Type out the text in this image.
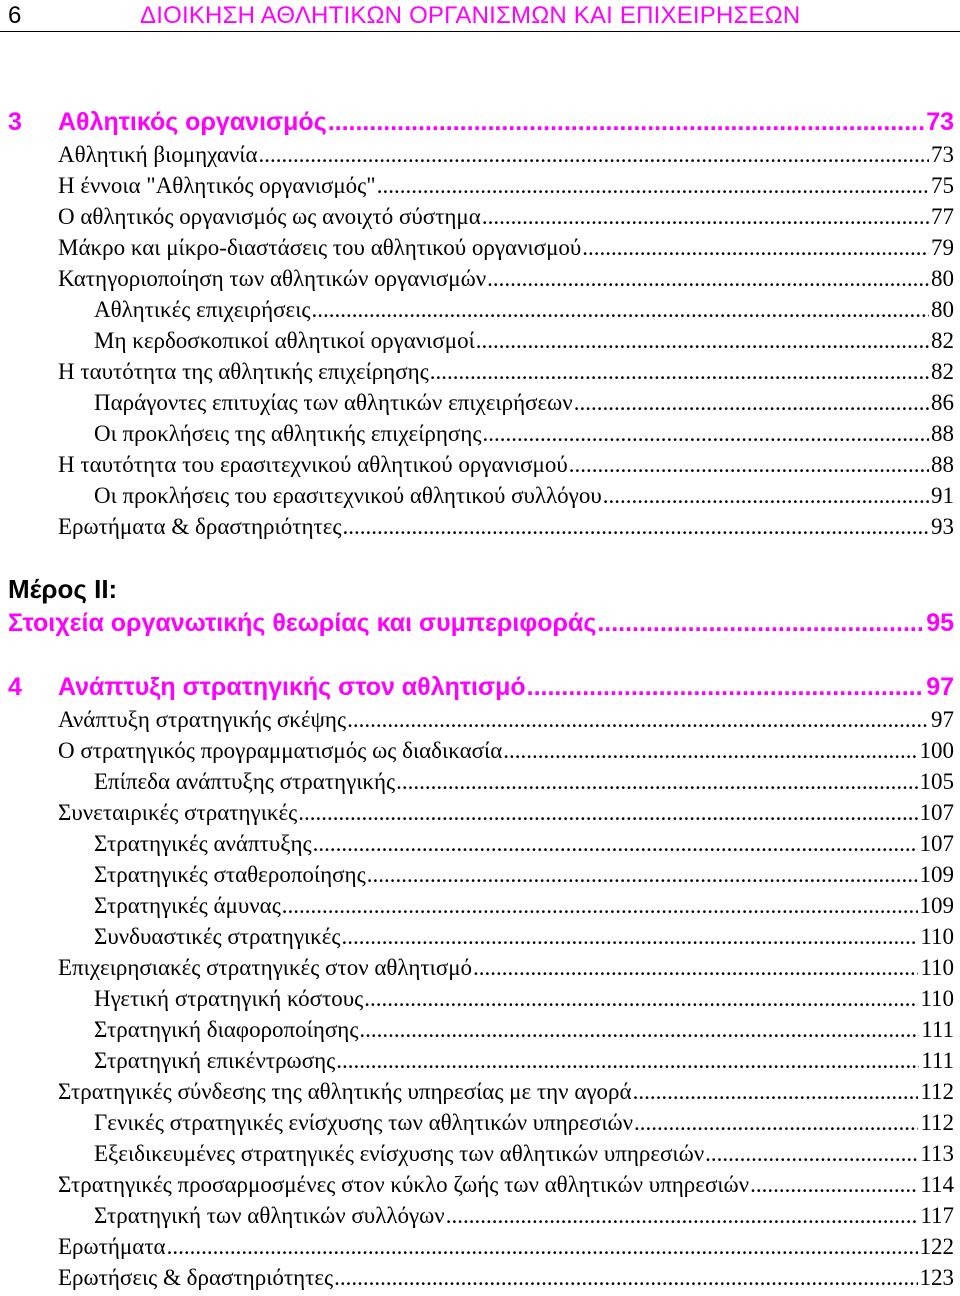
6	ΔΙΟΙΚΗΣΗ ΑΘΛΗΤΙΚΩΝ ΟΡΓΑΝΙΣΜΩΝ ΚΑΙ ΕΠΙΧΕΙΡΗΣΕΩΝ
3 Αθλητικός οργανισμός .....	73
Αθλητική βιομηχανία .....	73
Η έννοια "Αθλητικός οργανισμός" .....	75
Ο αθλητικός οργανισμός ως ανοιχτό σύστημα .....	77
Μάκρο και μίκρο-διαστάσεις του αθλητικού οργανισμού .....	79
Κατηγοριοποίηση των αθλητικών οργανισμών .....	80
Αθλητικές επιχειρήσεις .....	80
Μη κερδοσκοπικοί αθλητικοί οργανισμοί .....	82
Η ταυτότητα της αθλητικής επιχείρησης .....	82
Παράγοντες επιτυχίας των αθλητικών επιχειρήσεων .....	86
Οι προκλήσεις της αθλητικής επιχείρησης .....	88
Η ταυτότητα του ερασιτεχνικού αθλητικού οργανισμού .....	88
Οι προκλήσεις του ερασιτεχνικού αθλητικού συλλόγου .....	91
Ερωτήματα & δραστηριότητες .....	93
Μέρος ΙΙ:
Στοιχεία οργανωτικής θεωρίας και συμπεριφοράς .....	95
4 Ανάπτυξη στρατηγικής στον αθλητισμό .....	97
Ανάπτυξη στρατηγικής σκέψης .....	97
Ο στρατηγικός προγραμματισμός ως διαδικασία .....	100
Επίπεδα ανάπτυξης στρατηγικής .....	105
Συνεταιρικές στρατηγικές .....	107
Στρατηγικές ανάπτυξης .....	107
Στρατηγικές σταθεροποίησης .....	109
Στρατηγικές άμυνας .....	109
Συνδυαστικές στρατηγικές .....	110
Επιχειρησιακές στρατηγικές στον αθλητισμό .....	110
Ηγετική στρατηγική κόστους .....	110
Στρατηγική διαφοροποίησης .....	111
Στρατηγική επικέντρωσης .....	111
Στρατηγικές σύνδεσης της αθλητικής υπηρεσίας με την αγορά .....	112
Γενικές στρατηγικές ενίσχυσης των αθλητικών υπηρεσιών .....	112
Εξειδικευμένες στρατηγικές ενίσχυσης των αθλητικών υπηρεσιών .....	113
Στρατηγικές προσαρμοσμένες στον κύκλο ζωής των αθλητικών υπηρεσιών .....	114
Στρατηγική των αθλητικών συλλόγων .....	117
Ερωτήματα .....	122
Ερωτήσεις & δραστηριότητες .....	123
